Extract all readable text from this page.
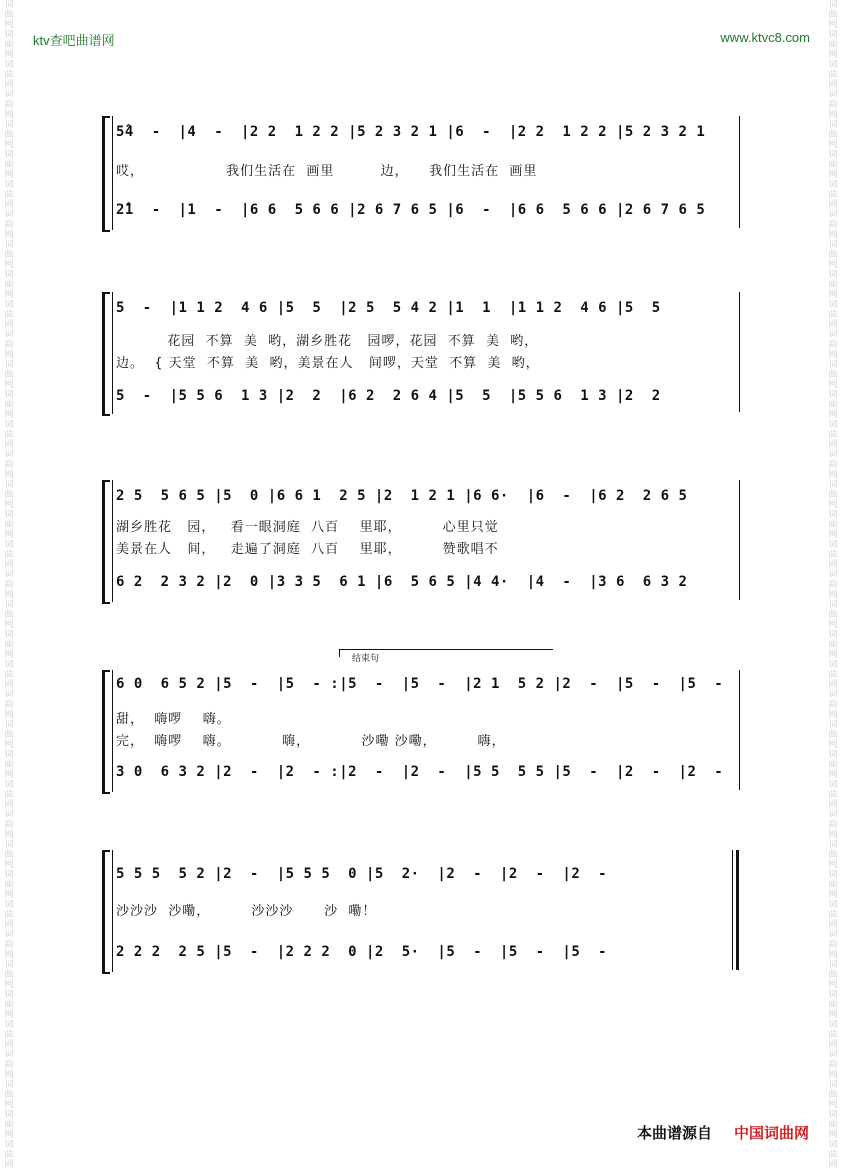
词
曲
网
词
曲
网
词
曲
网
词
曲
网
词
曲
网
词
曲
网
词
曲
网
词
曲
网
词
曲
网
词
曲
网
词
曲
网
词
曲
网
词
曲
网
词
曲
网
词
曲
网
词
曲
网
词
曲
网
词
曲
网
词
曲
网
词
曲
网
词
曲
网
词
曲
网
词
曲
网
词
曲
网
词
曲
网
词
曲
网
词
曲
网
词
曲
网
词
曲
网
词
曲
网
词
曲
网
词
曲
网
词
曲
网
词
曲
网
词
曲
网
词
曲
网
词
曲
网
词
曲
网
词
曲
网
词
曲
网
词
曲
网
词
曲
网
词
曲
网
词
曲
网
词
曲
网
词
曲
网
词
曲
网
词
曲
网
词
曲
网
词
曲
网
词
曲
网
词
曲
网
词
曲
网
词
曲
网
词
曲
网
词
曲
网
词
曲
网
词
曲
网
词
曲
网
词
曲
网
词
曲
网
词
曲
网
词
曲
网
词
曲
网
词
曲
网
词
曲
网
词
曲
网
词
曲
网
词
曲
网
词
曲
网
词
曲
网
词
曲
网
词
曲
网
词
曲
网
词
曲
网
词
曲
网
词
曲
网
词
曲
网
ktv查吧曲谱网	www.ktvc8.com
5̂4  -  |4  -  |2 2  1 2 2 |5 2 3 2 1 |6  -  |2 2  1 2 2 |5 2 3 2 1
哎，                我们生活在  画里         边，    我们生活在  画里
2̂1  -  |1  -  |6 6  5 6 6 |2 6 7 6 5 |6  -  |6 6  5 6 6 |2 6 7 6 5
5  -  |1 1 2  4 6 |5  5  |2 5  5 4 2 |1  1  |1 1 2  4 6 |5  5
花园  不算  美  哟，湖乡胜花   园啰，花园  不算  美  哟，
边。  { 天堂  不算  美  哟，美景在人   间啰，天堂  不算  美  哟，
5  -  |5 5 6  1 3 |2  2  |6 2  2 6 4 |5  5  |5 5 6  1 3 |2  2
2 5  5 6 5 |5  0 |6 6 1  2 5 |2  1 2 1 |6 6·  |6  -  |6 2  2 6 5
湖乡胜花   园，   看一眼洞庭  八百    里耶，        心里只觉
美景在人   间，   走遍了洞庭  八百    里耶，        赞歌唱不
6 2  2 3 2 |2  0 |3 3 5  6 1 |6  5 6 5 |4 4·  |4  -  |3 6  6 3 2
结束句
6 0  6 5 2 |5  -  |5  - :|5  -  |5  -  |2 1  5 2 |2  -  |5  -  |5  -
甜，  嗨啰    嗨。
完，  嗨啰    嗨。          嗨，          沙嘞 沙嘞，        嗨，
3 0  6 3 2 |2  -  |2  - :|2  -  |2  -  |5 5  5 5 |5  -  |2  -  |2  -
5 5 5  5 2 |2  -  |5 5 5  0 |5  2·  |2  -  |2  -  |2  -
沙沙沙  沙嘞，        沙沙沙      沙  嘞！
2 2 2  2 5 |5  -  |2 2 2  0 |2  5·  |5  -  |5  -  |5  -
本曲谱源自 中国词曲网
